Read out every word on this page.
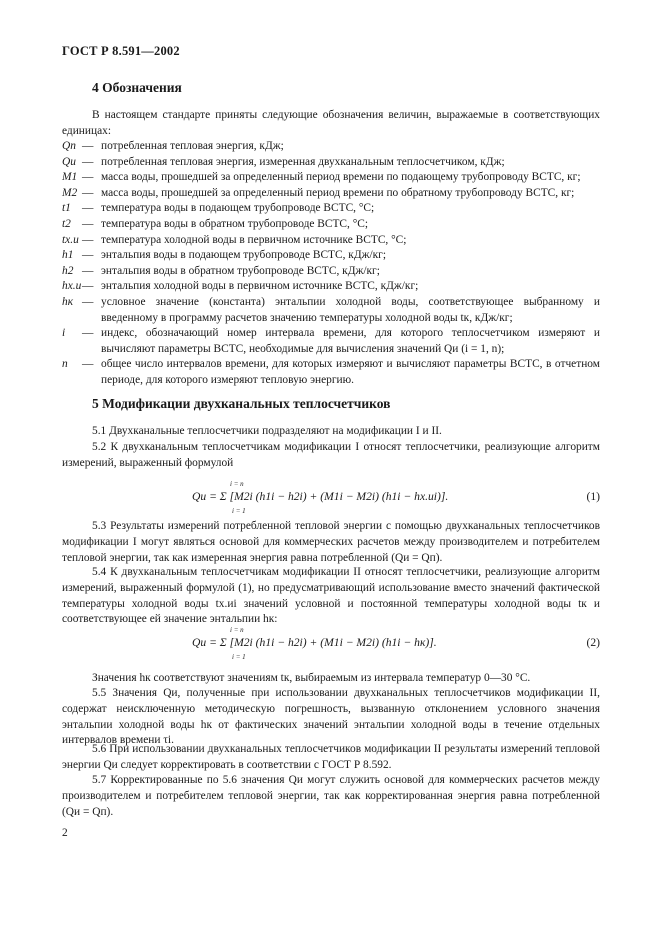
ГОСТ Р 8.591—2002
4 Обозначения

В настоящем стандарте приняты следующие обозначения величин, выражаемые в соответствующих единицах:

Qп — потребленная тепловая энергия, кДж;
Qи — потребленная тепловая энергия, измеренная двухканальным теплосчетчиком, кДж;
M1 — масса воды, прошедшей за определенный период времени по подающему трубопроводу ВСТС, кг;
M2 — масса воды, прошедшей за определенный период времени по обратному трубопроводу ВСТС, кг;
t1 — температура воды в подающем трубопроводе ВСТС, °С;
t2 — температура воды в обратном трубопроводе ВСТС, °С;
tх.и — температура холодной воды в первичном источнике ВСТС, °С;
h1 — энтальпия воды в подающем трубопроводе ВСТС, кДж/кг;
h2 — энтальпия воды в обратном трубопроводе ВСТС, кДж/кг;
hх.и — энтальпия холодной воды в первичном источнике ВСТС, кДж/кг;
hк — условное значение (константа) энтальпии холодной воды, соответствующее выбранному и введенному в программу расчетов значению температуры холодной воды tк, кДж/кг;
i	— индекс, обозначающий номер интервала времени, для которого теплосчетчиком измеряют и вычисляют параметры ВСТС, необходимые для вычисления значений Qи (i = 1, n);
n	— общее число интервалов времени, для которых измеряют и вычисляют параметры ВСТС, в отчетном периоде, для которого измеряют тепловую энергию.
5 Модификации двухканальных теплосчетчиков

5.1 Двухканальные теплосчетчики подразделяют на модификации I и II.

5.2 К двухканальным теплосчетчикам модификации I относят теплосчетчики, реализующие алгоритм измерений, выраженный формулой

i = n
Qи = Σ [M2i (h1i − h2i) + (M1i − M2i) (h1i − hх.иi)].
i = 1
(1)

5.3 Результаты измерений потребленной тепловой энергии с помощью двухканальных теплосчетчиков модификации I могут являться основой для коммерческих расчетов между производителем и потребителем тепловой энергии, так как измеренная энергия равна потребленной (Qи = Qп).

5.4 К двухканальным теплосчетчикам модификации II относят теплосчетчики, реализующие алгоритм измерений, выраженный формулой (1), но предусматривающий использование вместо значений фактической температуры холодной воды tх.иi значений условной и постоянной температуры холодной воды tк и соответствующее ей значение энтальпии hк:

i = n
Qи = Σ [M2i (h1i − h2i) + (M1i − M2i) (h1i − hк)].
i = 1
(2)

Значения hк соответствуют значениям tк, выбираемым из интервала температур 0—30 °С.

5.5 Значения Qи, полученные при использовании двухканальных теплосчетчиков модификации II, содержат неисключенную методическую погрешность, вызванную отклонением условного значения энтальпии холодной воды hк от фактических значений энтальпии холодной воды в течение отдельных интервалов времени τi.

5.6 При использовании двухканальных теплосчетчиков модификации II результаты измерений тепловой энергии Qи следует корректировать в соответствии с ГОСТ Р 8.592.

5.7 Корректированные по 5.6 значения Qи могут служить основой для коммерческих расчетов между производителем и потребителем тепловой энергии, так как корректированная энергия равна потребленной (Qи = Qп).

2
